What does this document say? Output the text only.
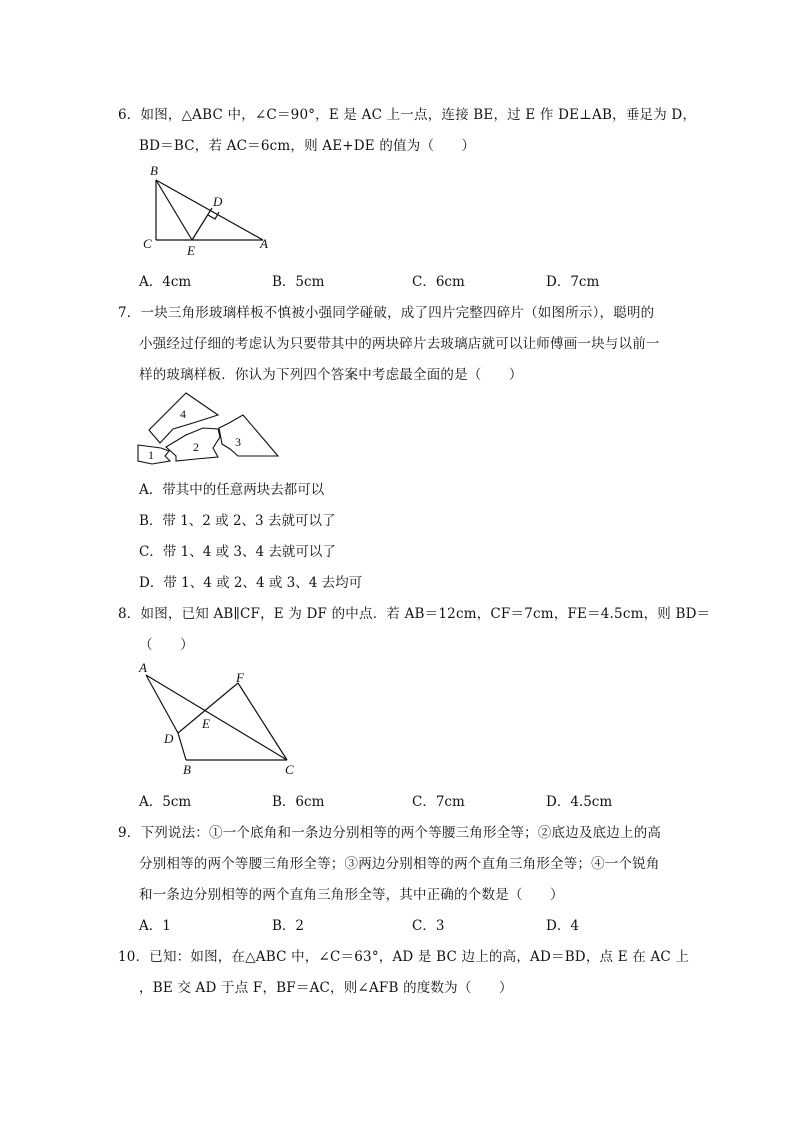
6．如图，△ABC 中，∠C＝90°，E 是 AC 上一点，连接 BE，过 E 作 DE⊥AB，垂足为 D，
BD＝BC，若 AC＝6cm，则 AE+DE 的值为（　　）
B
C
D
E	A
A．4cm	B．5cm	C．6cm	D．7cm
7．一块三角形玻璃样板不慎被小强同学碰破，成了四片完整四碎片（如图所示），聪明的
小强经过仔细的考虑认为只要带其中的两块碎片去玻璃店就可以让师傅画一块与以前一
样的玻璃样板．你认为下列四个答案中考虑最全面的是（　　）
4
1
2	3
A．带其中的任意两块去都可以
B．带 1、2 或 2、3 去就可以了
C．带 1、4 或 3、4 去就可以了
D．带 1、4 或 2、4 或 3、4 去均可
8．如图，已知 AB∥CF，E 为 DF 的中点．若 AB＝12cm，CF＝7cm，FE＝4.5cm，则 BD＝
（　　）
A
F
E
D
B	C
A．5cm	B．6cm	C．7cm	D．4.5cm
9．下列说法：①一个底角和一条边分别相等的两个等腰三角形全等；②底边及底边上的高
分别相等的两个等腰三角形全等；③两边分别相等的两个直角三角形全等；④一个锐角
和一条边分别相等的两个直角三角形全等，其中正确的个数是（　　）
A．1	B．2	C．3	D．4
10．已知：如图，在△ABC 中，∠C＝63°，AD 是 BC 边上的高，AD＝BD，点 E 在 AC 上
，BE 交 AD 于点 F，BF＝AC，则∠AFB 的度数为（　　）
